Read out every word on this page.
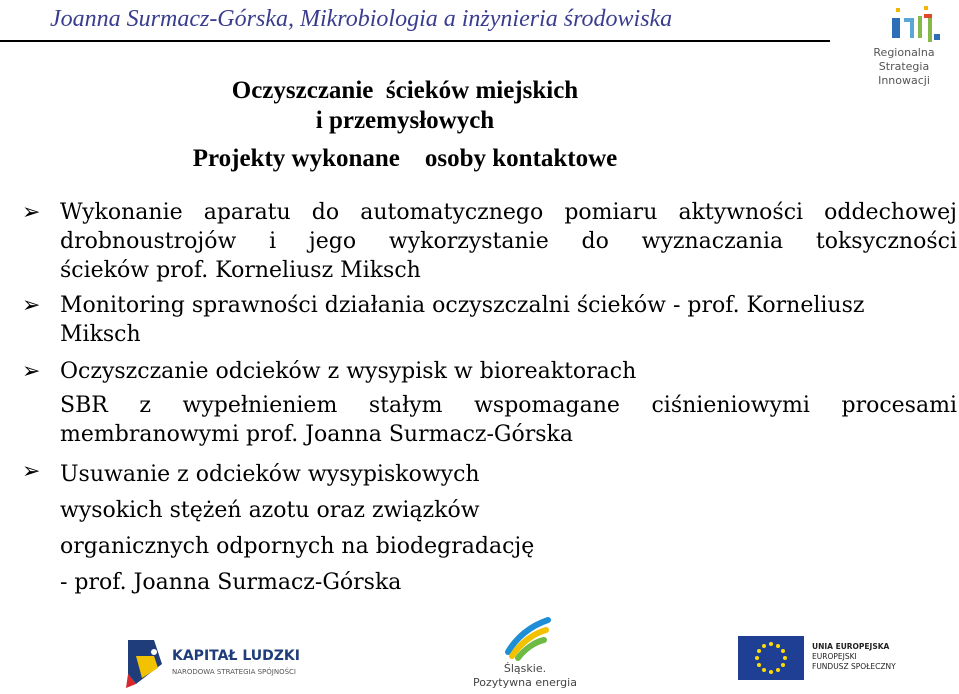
Joanna Surmacz-Górska, Mikrobiologia a inżynieria środowiska
Regionalna
Strategia
Innowacji
Oczyszczanie  ścieków miejskich
i przemysłowych
Projekty wykonane    osoby kontaktowe
➢ Wykonanie aparatu do automatycznego pomiaru aktywności oddechowej
drobnoustrojów i jego wykorzystanie do wyznaczania toksyczności
ścieków prof. Korneliusz Miksch
➢ Monitoring sprawności działania oczyszczalni ścieków - prof. Korneliusz
Miksch
➢ Oczyszczanie odcieków z wysypisk w bioreaktorach
SBR z wypełnieniem stałym wspomagane ciśnieniowymi procesami
membranowymi prof. Joanna Surmacz-Górska
➢ Usuwanie z odcieków wysypiskowych
wysokich stężeń azotu oraz związków
organicznych odpornych na biodegradację
- prof. Joanna Surmacz-Górska
KAPITAŁ LUDZKI
NARODOWA STRATEGIA SPÓJNOŚCI	Śląskie.
Pozytywna energia
UNIA EUROPEJSKA
EUROPEJSKI
FUNDUSZ SPOŁECZNY
